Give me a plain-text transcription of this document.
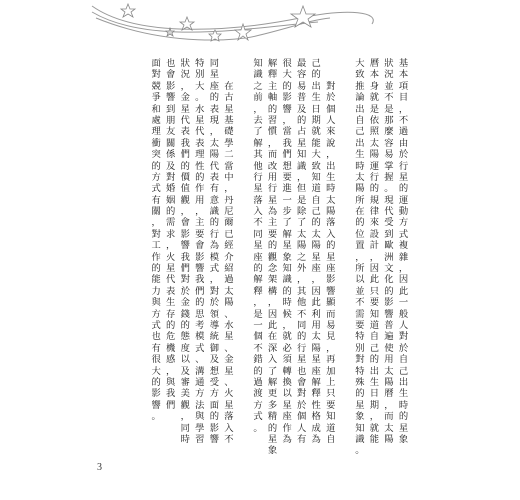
基
本
項
目
，
不
過
由
於
行
星
的
運
動
方
式
複
雜
，
因
此
一
般
人
對
於
自
己
出
生
時
的
星
象
狀
況
並
不
是
那
麼
容
易
掌
握
。
現
代
受
到
歐
洲
文
化
的
影
響
普
遍
使
用
太
陽
曆
，
而
太
陽
曆
本
身
就
是
依
照
太
陽
運
行
的
規
律
來
設
計
，
因
此
只
要
知
道
自
己
的
出
生
日
期
，
就
能
大
致
推
論
出
自
己
出
生
時
太
陽
所
在
的
位
置
，
所
以
並
不
需
要
特
別
對
特
殊
的
星
象
知
識
。

對
於
個
人
來
說
，
出
生
時
太
陽
落
入
的
星
座
影
響
顯
而
易
見
，
再
加
上
只
要
知
道
自
己
的
出
生
日
期
就
能
大
致
知
道
自
己
的
太
陽
星
座
，
因
此
利
用
太
陽
星
座
解
釋
性
格
成
為
最
容
易
普
及
的
占
星
知
識
，
但
是
除
了
太
陽
之
外
，
其
他
不
同
的
行
星
也
會
對
於
個
人
有
很
大
的
影
響
，
當
我
們
想
要
進
一
步
了
解
星
象
知
識
的
時
候
，
就
必
須
轉
換
以
星
座
作
為
解
釋
主
軸
的
習
慣
，
而
改
用
行
星
為
主
要
的
觀
念
架
構
，
因
此
在
深
入
了
解
更
多
精
的
星
象
知
識
之
前
，
去
了
解
其
他
行
星
落
入
不
同
星
座
的
解
釋
，
是
一
個
不
錯
的
過
渡
方
式
。

在
古
星
基
礎
學
二
當
中
，
丹
尼
爾
已
經
介
紹
過
太
陽
、
水
星
、
金
星
、
火
星
落
入
不
同
星
座
的
表
現
，
太
陽
代
表
有
意
識
的
行
為
模
式
，
對
於
領
導
統
御
及
想
受
方
面
的
影
響
特
別
大
。
水
星
代
表
理
性
的
作
用
，
主
要
會
影
響
我
們
的
思
考
模
式
、
溝
通
方
法
與
學
習
狀
況
，
金
星
代
表
我
們
的
價
值
觀
，
會
影
響
我
們
對
於
金
錢
的
態
度
以
及
審
美
觀
，
同
時
也
會
影
響
到
朋
友
關
係
及
對
婚
姻
的
需
求
，
火
星
代
表
生
存
的
危
機
感
，
與
我
們
面
對
競
爭
和
處
理
衝
突
的
方
式
有
關
，
對
工
作
的
能
力
與
方
式
也
有
很
大
的
影
響
。
3
